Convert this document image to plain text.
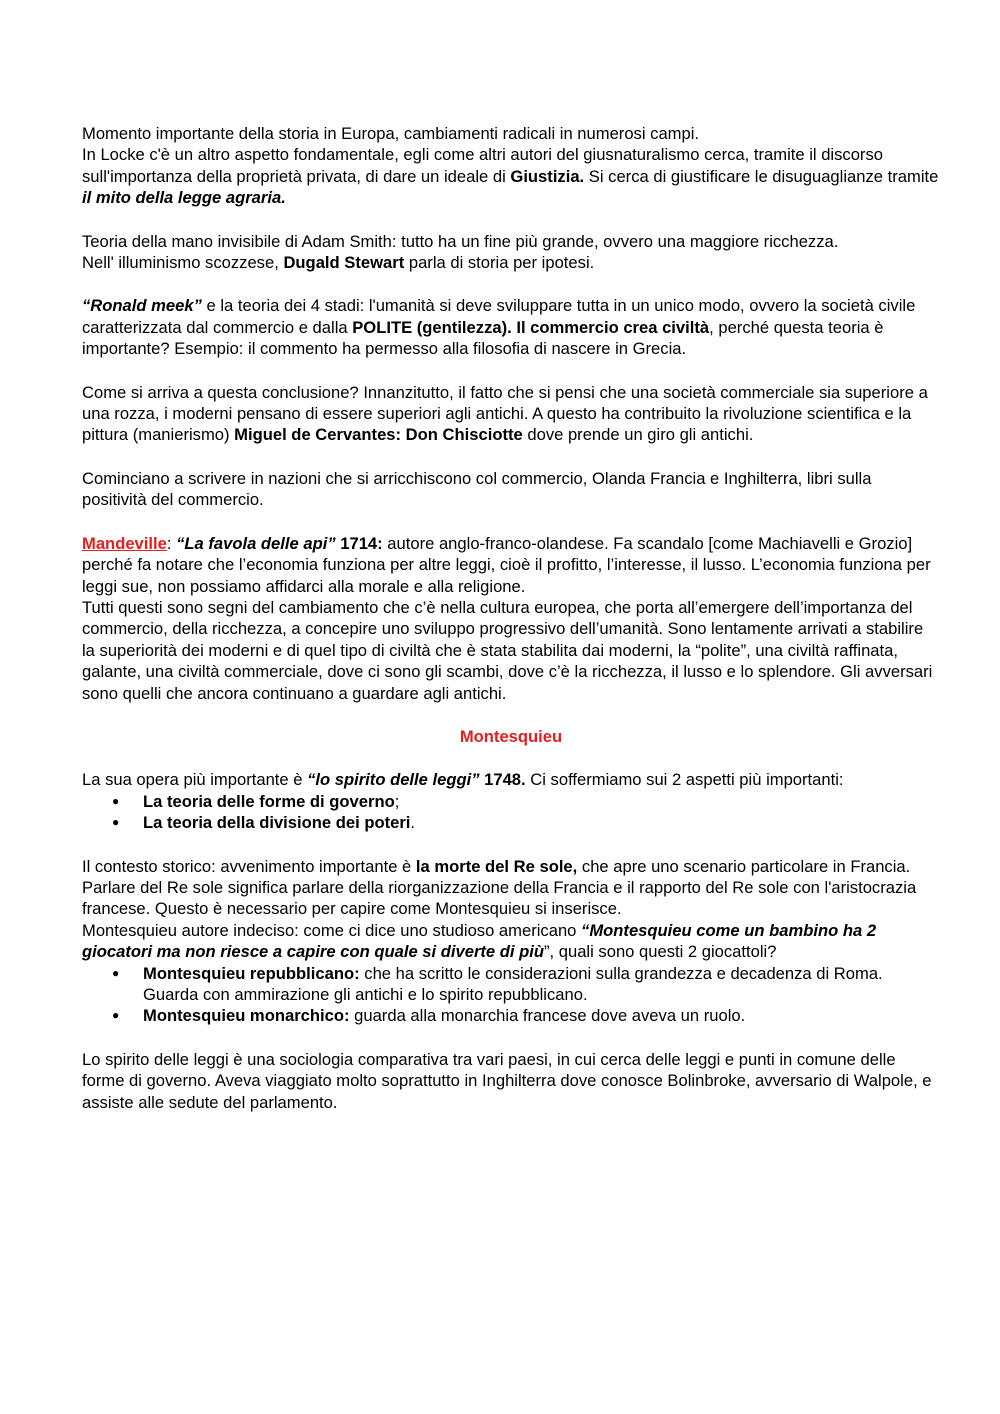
Momento importante della storia in Europa, cambiamenti radicali in numerosi campi.

In Locke c'è un altro aspetto fondamentale, egli come altri autori del giusnaturalismo cerca, tramite il discorso sull'importanza della proprietà privata, di dare un ideale di Giustizia. Si cerca di giustificare le disuguaglianze tramite il mito della legge agraria.

Teoria della mano invisibile di Adam Smith: tutto ha un fine più grande, ovvero una maggiore ricchezza.

Nell' illuminismo scozzese, Dugald Stewart parla di storia per ipotesi.

“Ronald meek” e la teoria dei 4 stadi: l'umanità si deve sviluppare tutta in un unico modo, ovvero la società civile caratterizzata dal commercio e dalla POLITE (gentilezza). Il commercio crea civiltà, perché questa teoria è importante? Esempio: il commento ha permesso alla filosofia di nascere in Grecia.

Come si arriva a questa conclusione? Innanzitutto, il fatto che si pensi che una società commerciale sia superiore a una rozza, i moderni pensano di essere superiori agli antichi. A questo ha contribuito la rivoluzione scientifica e la pittura (manierismo) Miguel de Cervantes: Don Chisciotte dove prende un giro gli antichi.

Cominciano a scrivere in nazioni che si arricchiscono col commercio, Olanda Francia e Inghilterra, libri sulla positività del commercio.

Mandeville: “La favola delle api” 1714: autore anglo-franco-olandese. Fa scandalo [come Machiavelli e Grozio] perché fa notare che l’economia funziona per altre leggi, cioè il profitto, l’interesse, il lusso. L’economia funziona per leggi sue, non possiamo affidarci alla morale e alla religione.

Tutti questi sono segni del cambiamento che c’è nella cultura europea, che porta all’emergere dell’importanza del commercio, della ricchezza, a concepire uno sviluppo progressivo dell’umanità. Sono lentamente arrivati a stabilire la superiorità dei moderni e di quel tipo di civiltà che è stata stabilita dai moderni, la “polite”, una civiltà raffinata, galante, una civiltà commerciale, dove ci sono gli scambi, dove c’è la ricchezza, il lusso e lo splendore. Gli avversari sono quelli che ancora continuano a guardare agli antichi.

Montesquieu

La sua opera più importante è “lo spirito delle leggi” 1748. Ci soffermiamo sui 2 aspetti più importanti:

● La teoria delle forme di governo;
● La teoria della divisione dei poteri.

Il contesto storico: avvenimento importante è la morte del Re sole, che apre uno scenario particolare in Francia. Parlare del Re sole significa parlare della riorganizzazione della Francia e il rapporto del Re sole con l'aristocrazia francese. Questo è necessario per capire come Montesquieu si inserisce.

Montesquieu autore indeciso: come ci dice uno studioso americano “Montesquieu come un bambino ha 2 giocatori ma non riesce a capire con quale si diverte di più”, quali sono questi 2 giocattoli?

● Montesquieu repubblicano: che ha scritto le considerazioni sulla grandezza e decadenza di Roma. Guarda con ammirazione gli antichi e lo spirito repubblicano.
● Montesquieu monarchico: guarda alla monarchia francese dove aveva un ruolo.

Lo spirito delle leggi è una sociologia comparativa tra vari paesi, in cui cerca delle leggi e punti in comune delle forme di governo. Aveva viaggiato molto soprattutto in Inghilterra dove conosce Bolinbroke, avversario di Walpole, e assiste alle sedute del parlamento.
